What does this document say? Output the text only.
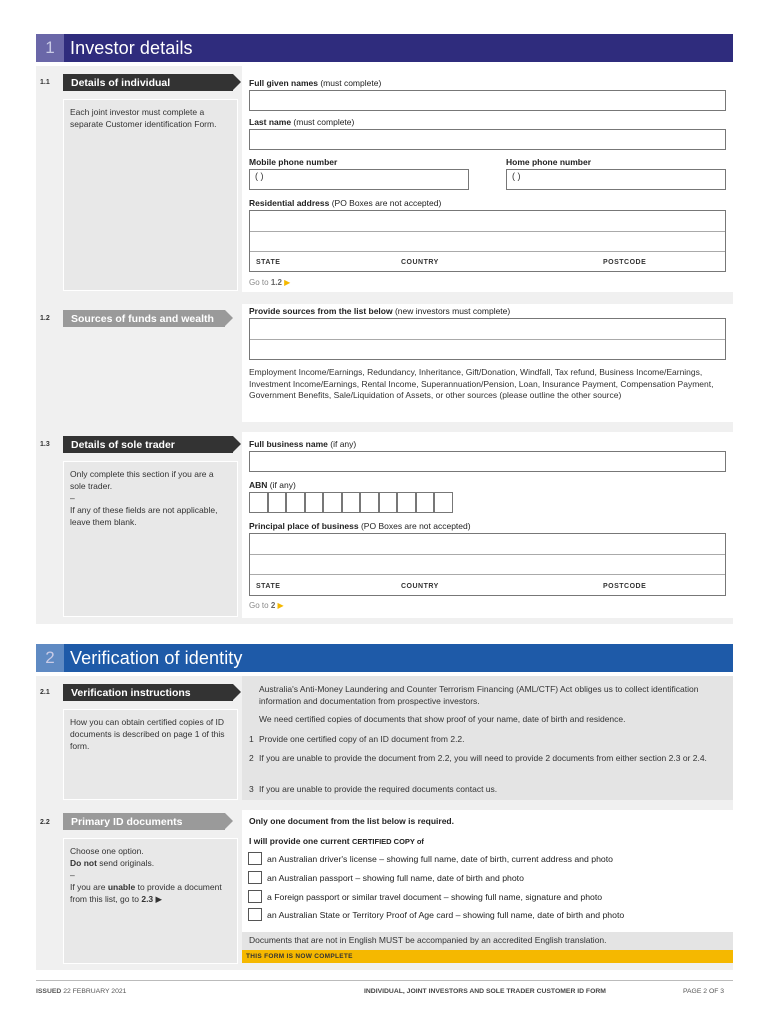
1 Investor details
1.1	Details of individual
Each joint investor must complete a separate Customer identification Form.
Full given names (must complete)
Last name (must complete)
Mobile phone number
( )
Home phone number
( )
Residential address (PO Boxes are not accepted)
STATE	COUNTRY	POSTCODE
Go to 1.2 ▶
1.2	Sources of funds and wealth
Provide sources from the list below (new investors must complete)
Employment Income/Earnings, Redundancy, Inheritance, Gift/Donation, Windfall, Tax refund, Business Income/Earnings, Investment Income/Earnings, Rental Income, Superannuation/Pension, Loan, Insurance Payment, Compensation Payment, Government Benefits, Sale/Liquidation of Assets, or other sources (please outline the other source)
1.3	Details of sole trader
Only complete this section if you are a sole trader.
–
If any of these fields are not applicable, leave them blank.
Full business name (if any)
ABN (if any)
Principal place of business (PO Boxes are not accepted)
STATE	COUNTRY	POSTCODE
Go to 2 ▶
2 Verification of identity
2.1	Verification instructions
How you can obtain certified copies of ID documents is described on page 1 of this form.
Australia's Anti-Money Laundering and Counter Terrorism Financing (AML/CTF) Act obliges us to collect identification information and documentation from prospective investors.
We need certified copies of documents that show proof of your name, date of birth and residence.
1 Provide one certified copy of an ID document from 2.2.
2 If you are unable to provide the document from 2.2, you will need to provide 2 documents from either section 2.3 or 2.4.
3 If you are unable to provide the required documents contact us.
2.2	Primary ID documents
Choose one option.
Do not send originals.
–
If you are unable to provide a document from this list, go to 2.3 ▶
Only one document from the list below is required.
I will provide one current CERTIFIED COPY of
an Australian driver's license – showing full name, date of birth, current address and photo
an Australian passport – showing full name, date of birth and photo
a Foreign passport or similar travel document – showing full name, signature and photo
an Australian State or Territory Proof of Age card – showing full name, date of birth and photo
Documents that are not in English MUST be accompanied by an accredited English translation.
THIS FORM IS NOW COMPLETE
ISSUED 22 FEBRUARY 2021	INDIVIDUAL, JOINT INVESTORS AND SOLE TRADER CUSTOMER ID FORM	PAGE 2 OF 3
